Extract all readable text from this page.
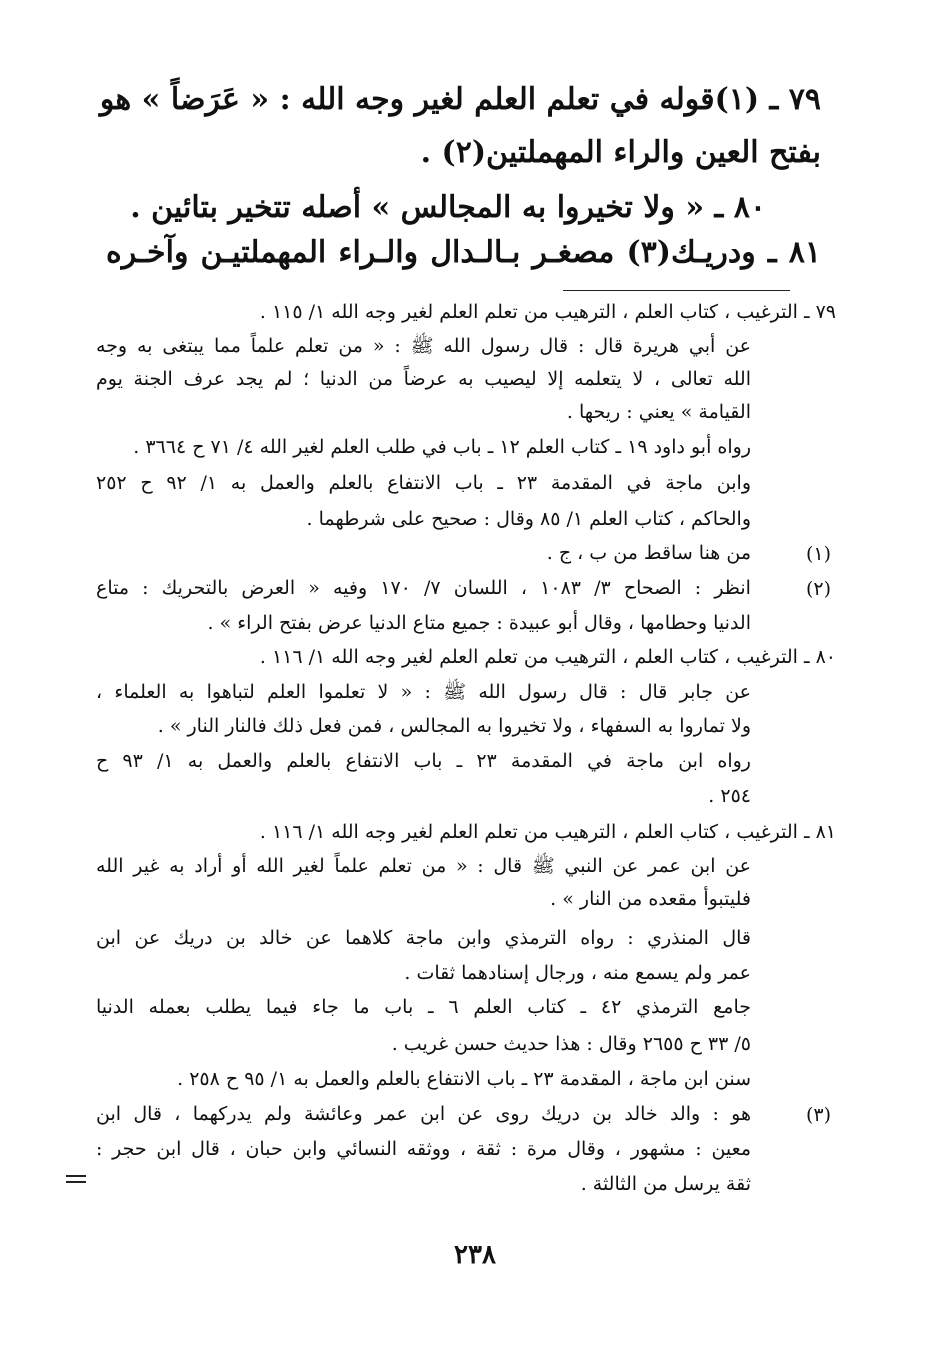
٧٩ ـ (١)قوله في تعلم العلم لغير وجه الله : « عَرَضاً » هو
بفتح العين والراء المهملتين(٢) .
٨٠ ـ « ولا تخيروا به المجالس » أصله تتخير بتائين .
٨١ ـ ودريـك(٣) مصغـر بـالـدال والـراء المهملتيـن وآخـره
٧٩ ـ الترغيب ، كتاب العلم ، الترهيب من تعلم العلم لغير وجه الله ١/ ١١٥ .
عن أبي هريرة قال : قال رسول الله ﷺ : « من تعلم علماً مما يبتغى به وجه
الله تعالى ، لا يتعلمه إلا ليصيب به عرضاً من الدنيا ؛ لم يجد عرف الجنة يوم
القيامة » يعني : ريحها .
رواه أبو داود ١٩ ـ كتاب العلم ١٢ ـ باب في طلب العلم لغير الله ٤/ ٧١ ح ٣٦٦٤ .
وابن ماجة في المقدمة ٢٣ ـ باب الانتفاع بالعلم والعمل به ١/ ٩٢ ح ٢٥٢
والحاكم ، كتاب العلم ١/ ٨٥ وقال : صحيح على شرطهما .
(١)
من هنا ساقط من ب ، ج .
(٢)
انظر : الصحاح ٣/ ١٠٨٣ ، اللسان ٧/ ١٧٠ وفيه « العرض بالتحريك : متاع
الدنيا وحطامها ، وقال أبو عبيدة : جميع متاع الدنيا عرض بفتح الراء » .
٨٠ ـ الترغيب ، كتاب العلم ، الترهيب من تعلم العلم لغير وجه الله ١/ ١١٦ .
عن جابر قال : قال رسول الله ﷺ : « لا تعلموا العلم لتباهوا به العلماء ،
ولا تماروا به السفهاء ، ولا تخيروا به المجالس ، فمن فعل ذلك فالنار النار » .
رواه ابن ماجة في المقدمة ٢٣ ـ باب الانتفاع بالعلم والعمل به ١/ ٩٣ ح
٢٥٤ .
٨١ ـ الترغيب ، كتاب العلم ، الترهيب من تعلم العلم لغير وجه الله ١/ ١١٦ .
عن ابن عمر عن النبي ﷺ قال : « من تعلم علماً لغير الله أو أراد به غير الله
فليتبوأ مقعده من النار » .
قال المنذري : رواه الترمذي وابن ماجة كلاهما عن خالد بن دريك عن ابن
عمر ولم يسمع منه ، ورجال إسنادهما ثقات .
جامع الترمذي ٤٢ ـ كتاب العلم ٦ ـ باب ما جاء فيما يطلب بعمله الدنيا
٥/ ٣٣ ح ٢٦٥٥ وقال : هذا حديث حسن غريب .
سنن ابن ماجة ، المقدمة ٢٣ ـ باب الانتفاع بالعلم والعمل به ١/ ٩٥ ح ٢٥٨ .
(٣)
هو : والد خالد بن دريك روى عن ابن عمر وعائشة ولم يدركهما ، قال ابن
معين : مشهور ، وقال مرة : ثقة ، ووثقه النسائي وابن حبان ، قال ابن حجر :
ثقة يرسل من الثالثة .
٢٣٨
